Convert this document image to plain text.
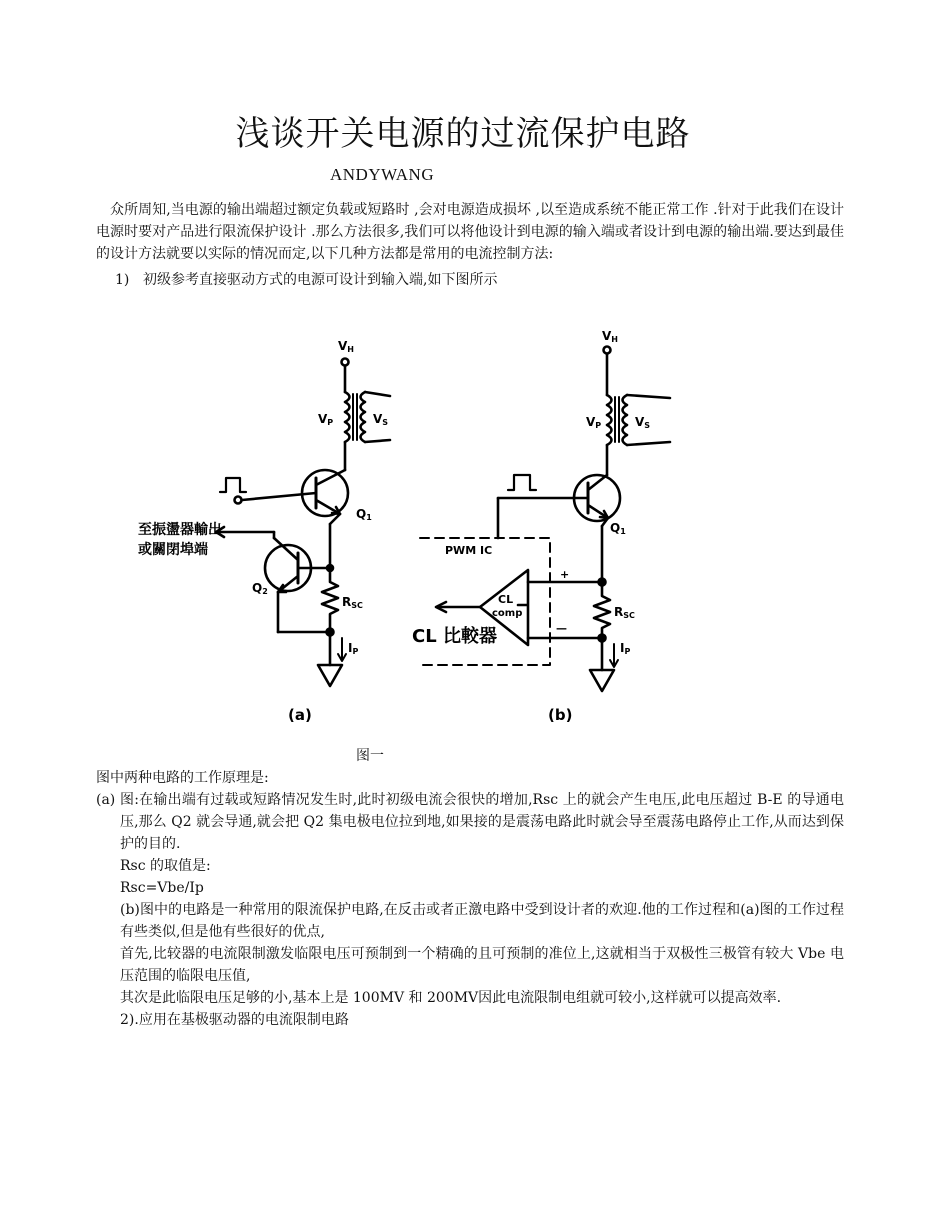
浅谈开关电源的过流保护电路
ANDYWANG
众所周知,当电源的输出端超过额定负载或短路时 ,会对电源造成损坏 ,以至造成系统不能正常工作 .针对于此我们在设计电源时要对产品进行限流保护设计 .那么方法很多,我们可以将他设计到电源的输入端或者设计到电源的输出端.要达到最佳的设计方法就要以实际的情况而定,以下几种方法都是常用的电流控制方法:
1) 初级参考直接驱动方式的电源可设计到输入端,如下图所示
VH
VP	VS
Q1
Q2
RSC
IP
至振盪器輸出
或關閉埠端
(a)
VH
VP	VS
Q1
RSC
IP
PWM IC
CL
comp
+
—
CL 比較器
(b)
图一
图中两种电路的工作原理是:
(a) 图:在输出端有过载或短路情况发生时,此时初级电流会很快的增加,Rsc 上的就会产生电压,此电压超过 B-E 的导通电压,那么 Q2 就会导通,就会把 Q2 集电极电位拉到地,如果接的是震荡电路此时就会导至震荡电路停止工作,从而达到保护的目的.
Rsc 的取值是:
Rsc=Vbe/Ip
(b)图中的电路是一种常用的限流保护电路,在反击或者正激电路中受到设计者的欢迎.他的工作过程和(a)图的工作过程有些类似,但是他有些很好的优点,
首先,比较器的电流限制激发临限电压可预制到一个精确的且可预制的准位上,这就相当于双极性三极管有较大 Vbe 电压范围的临限电压值,
其次是此临限电压足够的小,基本上是 100MV 和 200MV因此电流限制电组就可较小,这样就可以提高效率.
2).应用在基极驱动器的电流限制电路
